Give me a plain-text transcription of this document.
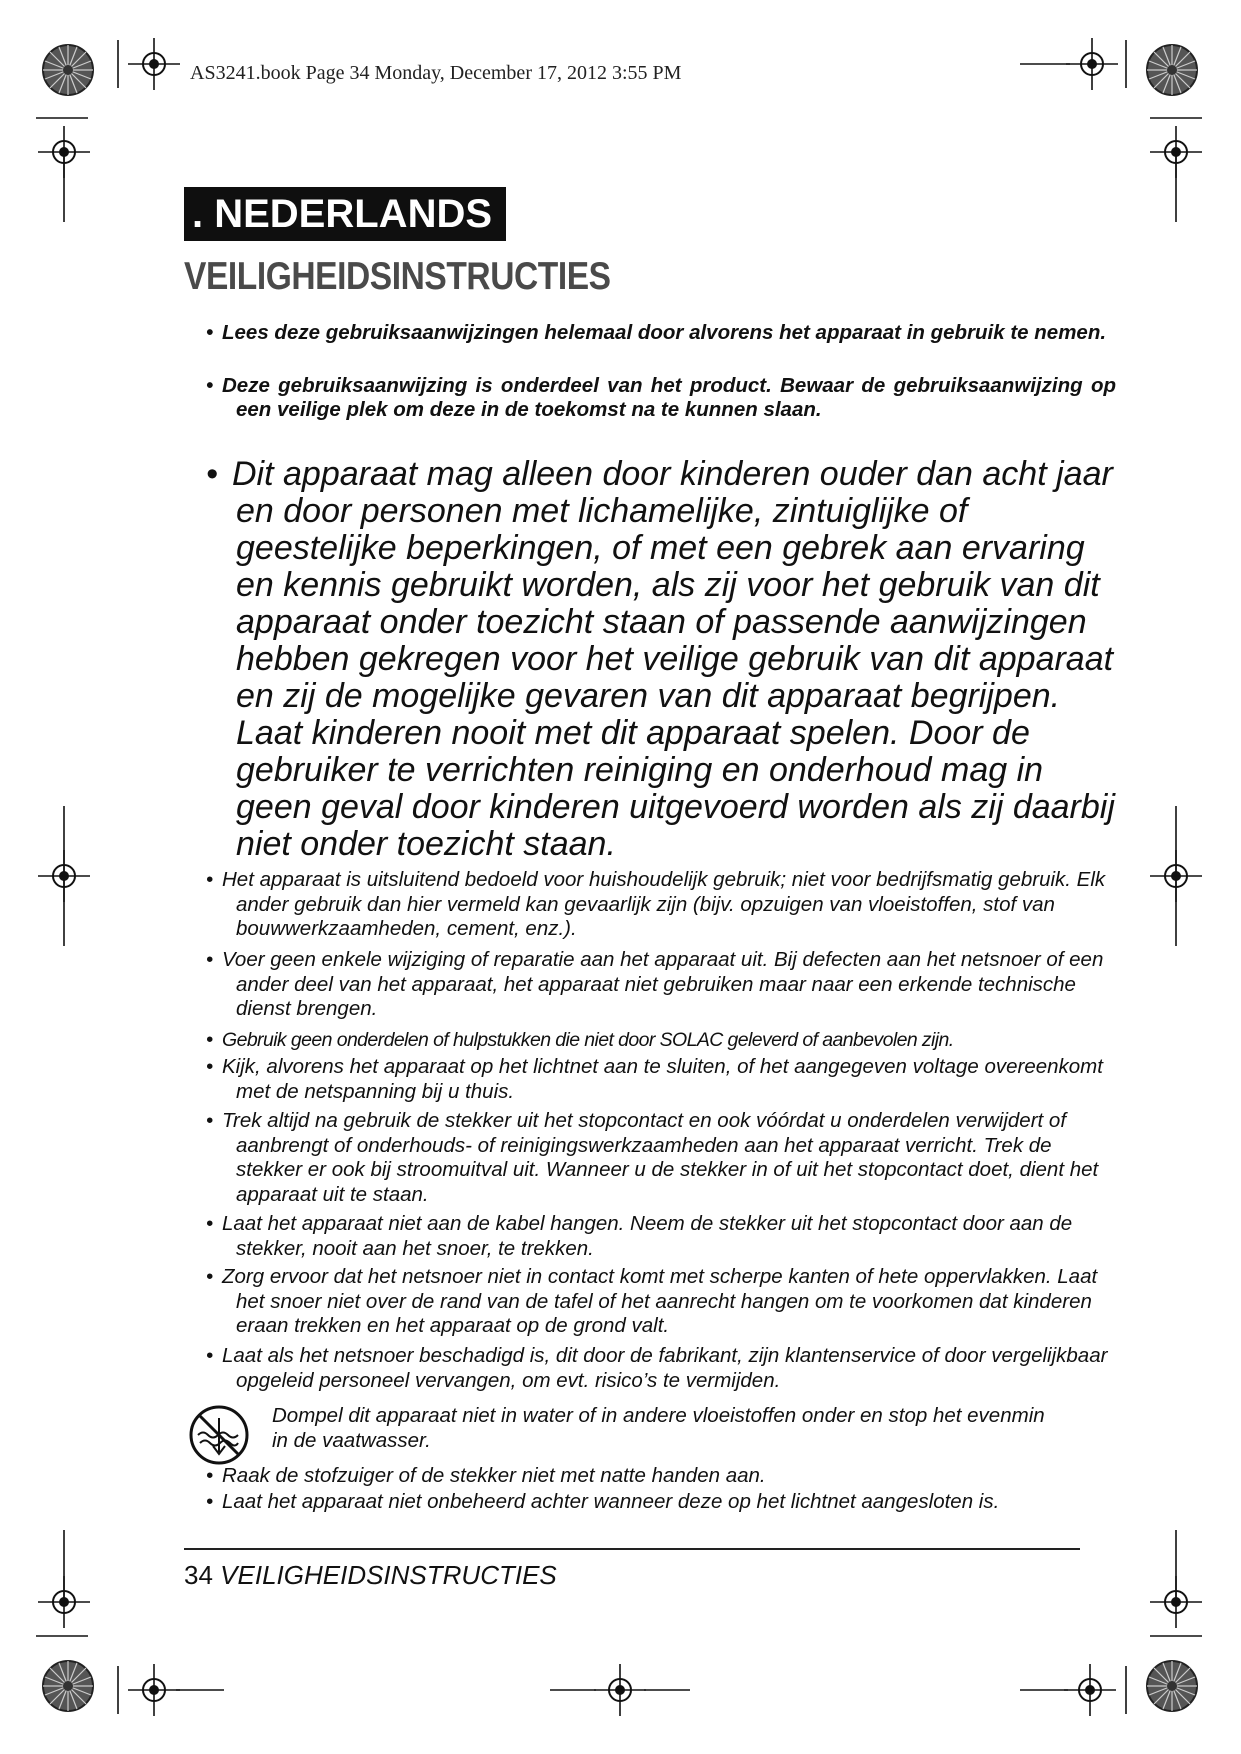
AS3241.book Page 34 Monday, December 17, 2012 3:55 PM
. NEDERLANDS
VEILIGHEIDSINSTRUCTIES
• Lees deze gebruiksaanwijzingen helemaal door alvorens het apparaat in gebruik te nemen.
• Deze gebruiksaanwijzing is onderdeel van het product. Bewaar de gebruiksaanwijzing op een veilige plek om deze in de toekomst na te kunnen slaan.
• Dit apparaat mag alleen door kinderen ouder dan acht jaar en door personen met lichamelijke, zintuiglijke of geestelijke beperkingen, of met een gebrek aan ervaring en kennis gebruikt worden, als zij voor het gebruik van dit apparaat onder toezicht staan of passende aanwijzingen hebben gekregen voor het veilige gebruik van dit apparaat en zij de mogelijke gevaren van dit apparaat begrijpen. Laat kinderen nooit met dit apparaat spelen. Door de gebruiker te verrichten reiniging en onderhoud mag in geen geval door kinderen uitgevoerd worden als zij daarbij niet onder toezicht staan.
• Het apparaat is uitsluitend bedoeld voor huishoudelijk gebruik; niet voor bedrijfsmatig gebruik. Elk ander gebruik dan hier vermeld kan gevaarlijk zijn (bijv. opzuigen van vloeistoffen, stof van bouwwerkzaamheden, cement, enz.).
• Voer geen enkele wijziging of reparatie aan het apparaat uit. Bij defecten aan het netsnoer of een ander deel van het apparaat, het apparaat niet gebruiken maar naar een erkende technische dienst brengen.
• Gebruik geen onderdelen of hulpstukken die niet door SOLAC geleverd of aanbevolen zijn.
• Kijk, alvorens het apparaat op het lichtnet aan te sluiten, of het aangegeven voltage overeenkomt met de netspanning bij u thuis.
• Trek altijd na gebruik de stekker uit het stopcontact en ook vóórdat u onderdelen verwijdert of aanbrengt of onderhouds- of reinigingswerkzaamheden aan het apparaat verricht. Trek de stekker er ook bij stroomuitval uit. Wanneer u de stekker in of uit het stopcontact doet, dient het apparaat uit te staan.
• Laat het apparaat niet aan de kabel hangen. Neem de stekker uit het stopcontact door aan de stekker, nooit aan het snoer, te trekken.
• Zorg ervoor dat het netsnoer niet in contact komt met scherpe kanten of hete oppervlakken. Laat het snoer niet over de rand van de tafel of het aanrecht hangen om te voorkomen dat kinderen eraan trekken en het apparaat op de grond valt.
• Laat als het netsnoer beschadigd is, dit door de fabrikant, zijn klantenservice of door vergelijkbaar opgeleid personeel vervangen, om evt. risico’s te vermijden.
Dompel dit apparaat niet in water of in andere vloeistoffen onder en stop het evenmin in de vaatwasser.
• Raak de stofzuiger of de stekker niet met natte handen aan.
• Laat het apparaat niet onbeheerd achter wanneer deze op het lichtnet aangesloten is.
34 VEILIGHEIDSINSTRUCTIES
